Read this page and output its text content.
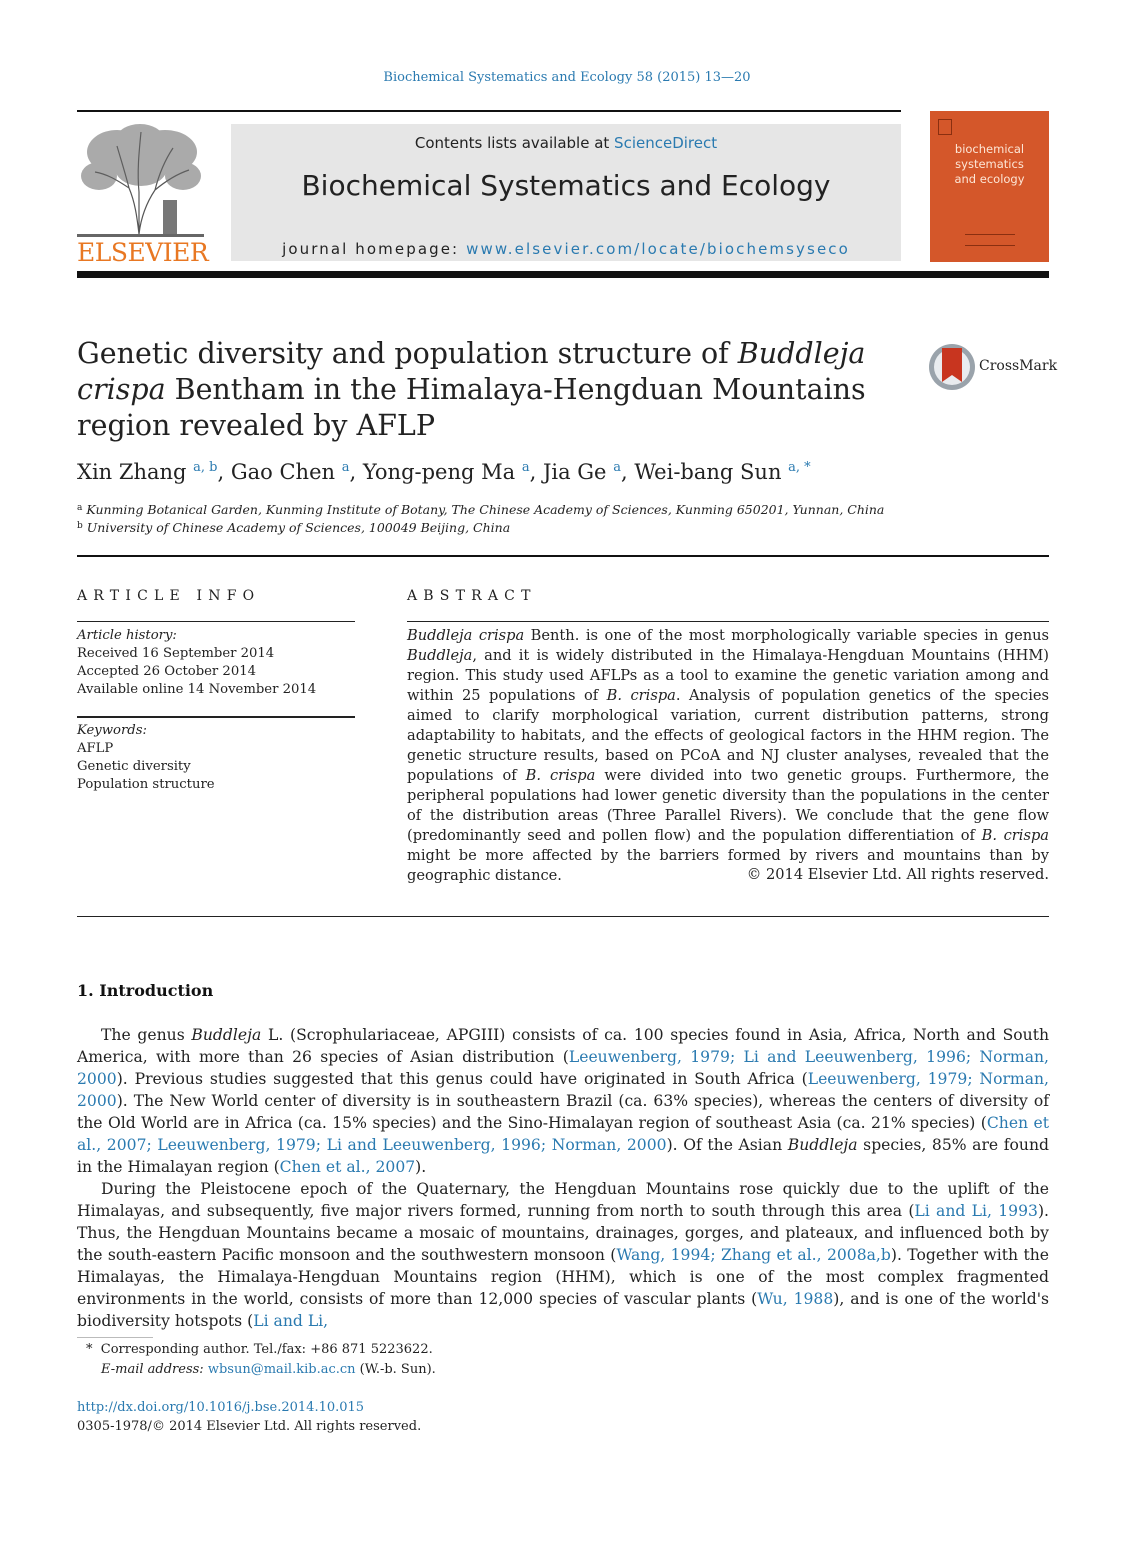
Biochemical Systematics and Ecology 58 (2015) 13—20
ELSEVIER
Contents lists available at ScienceDirect
Biochemical Systematics and Ecology
journal homepage: www.elsevier.com/locate/biochemsyseco
biochemical
systematics
and ecology
Genetic diversity and population structure of Buddleja crispa Bentham in the Himalaya-Hengduan Mountains region revealed by AFLP
CrossMark
Xin Zhang $^{a, b}$, Gao Chen $^a$, Yong-peng Ma $^a$, Jia Ge $^a$, Wei-bang Sun $^{a, *}$
$^a$ Kunming Botanical Garden, Kunming Institute of Botany, The Chinese Academy of Sciences, Kunming 650201, Yunnan, China
$^b$ University of Chinese Academy of Sciences, 100049 Beijing, China
ARTICLE INFO
Article history:
Received 16 September 2014
Accepted 26 October 2014
Available online 14 November 2014
Keywords:
AFLP
Genetic diversity
Population structure
ABSTRACT
Buddleja crispa Benth. is one of the most morphologically variable species in genus Buddleja, and it is widely distributed in the Himalaya-Hengduan Mountains (HHM) region. This study used AFLPs as a tool to examine the genetic variation among and within 25 populations of B. crispa. Analysis of population genetics of the species aimed to clarify morphological variation, current distribution patterns, strong adaptability to habitats, and the effects of geological factors in the HHM region. The genetic structure results, based on PCoA and NJ cluster analyses, revealed that the populations of B. crispa were divided into two genetic groups. Furthermore, the peripheral populations had lower genetic diversity than the populations in the center of the distribution areas (Three Parallel Rivers). We conclude that the gene flow (predominantly seed and pollen flow) and the population differentiation of B. crispa might be more affected by the barriers formed by rivers and mountains than by geographic distance.	© 2014 Elsevier Ltd. All rights reserved.
1. Introduction

The genus Buddleja L. (Scrophulariaceae, APGIII) consists of ca. 100 species found in Asia, Africa, North and South America, with more than 26 species of Asian distribution (Leeuwenberg, 1979; Li and Leeuwenberg, 1996; Norman, 2000). Previous studies suggested that this genus could have originated in South Africa (Leeuwenberg, 1979; Norman, 2000). The New World center of diversity is in southeastern Brazil (ca. 63% species), whereas the centers of diversity of the Old World are in Africa (ca. 15% species) and the Sino-Himalayan region of southeast Asia (ca. 21% species) (Chen et al., 2007; Leeuwenberg, 1979; Li and Leeuwenberg, 1996; Norman, 2000). Of the Asian Buddleja species, 85% are found in the Himalayan region (Chen et al., 2007).

During the Pleistocene epoch of the Quaternary, the Hengduan Mountains rose quickly due to the uplift of the Himalayas, and subsequently, five major rivers formed, running from north to south through this area (Li and Li, 1993). Thus, the Hengduan Mountains became a mosaic of mountains, drainages, gorges, and plateaux, and influenced both by the south-eastern Pacific monsoon and the southwestern monsoon (Wang, 1994; Zhang et al., 2008a,b). Together with the Himalayas, the Himalaya-Hengduan Mountains region (HHM), which is one of the most complex fragmented environments in the world, consists of more than 12,000 species of vascular plants (Wu, 1988), and is one of the world's biodiversity hotspots (Li and Li,

* Corresponding author. Tel./fax: +86 871 5223622.
E-mail address: wbsun@mail.kib.ac.cn (W.-b. Sun).
http://dx.doi.org/10.1016/j.bse.2014.10.015
0305-1978/© 2014 Elsevier Ltd. All rights reserved.
